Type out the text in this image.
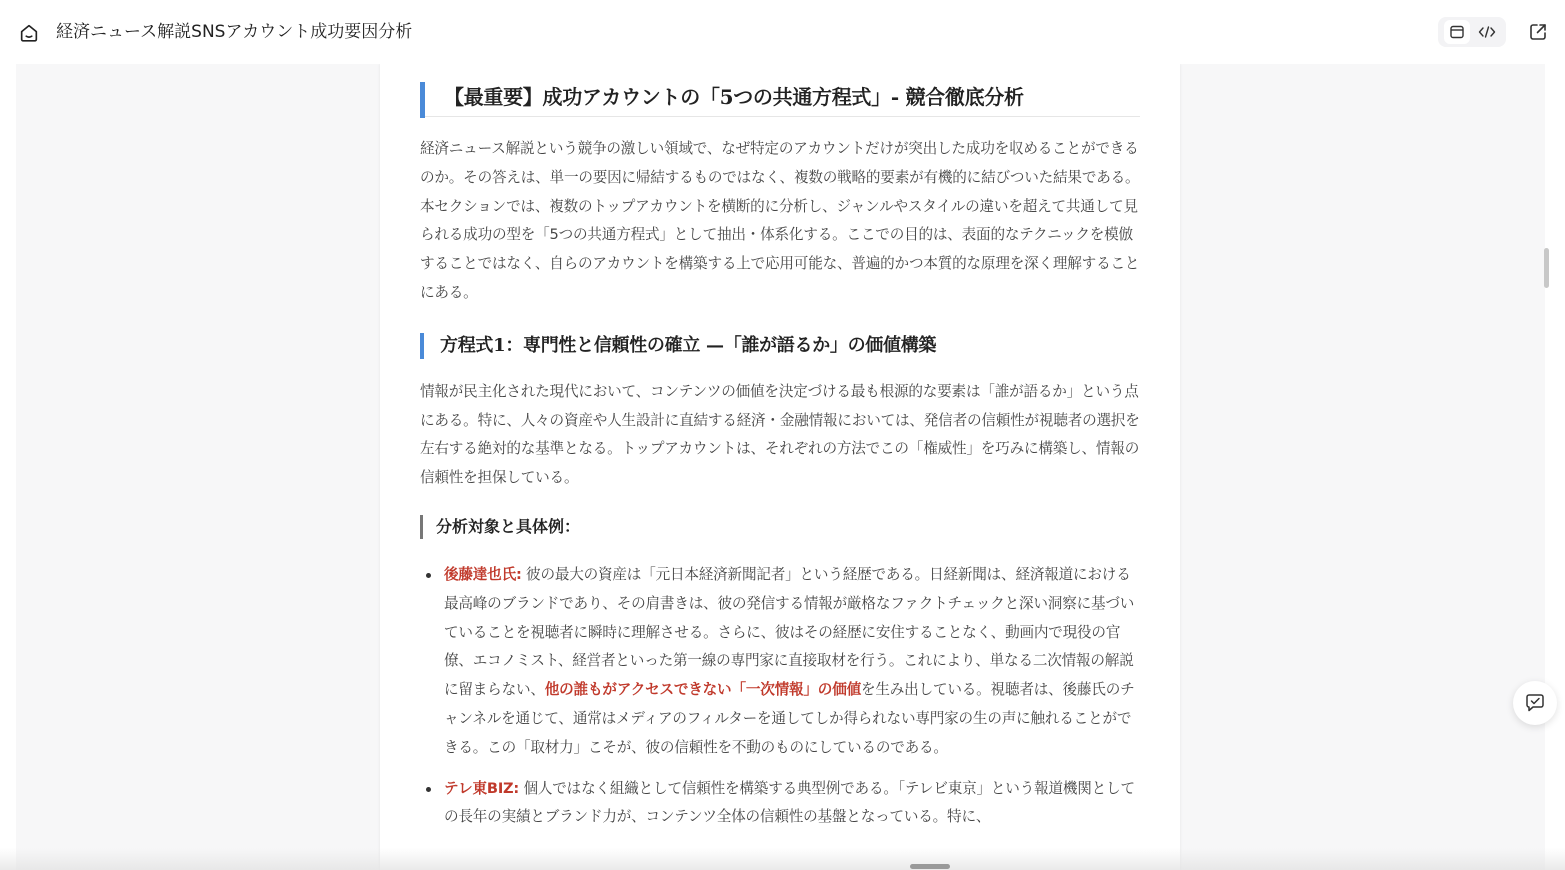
経済ニュース解説SNSアカウント成功要因分析
【最重要】成功アカウントの「5つの共通方程式」- 競合徹底分析

経済ニュース解説という競争の激しい領域で、なぜ特定のアカウントだけが突出した成功を収めることができるのか。その答えは、単一の要因に帰結するものではなく、複数の戦略的要素が有機的に結びついた結果である。本セクションでは、複数のトップアカウントを横断的に分析し、ジャンルやスタイルの違いを超えて共通して見られる成功の型を「5つの共通方程式」として抽出・体系化する。ここでの目的は、表面的なテクニックを模倣することではなく、自らのアカウントを構築する上で応用可能な、普遍的かつ本質的な原理を深く理解することにある。

方程式1：専門性と信頼性の確立 —「誰が語るか」の価値構築

情報が民主化された現代において、コンテンツの価値を決定づける最も根源的な要素は「誰が語るか」という点にある。特に、人々の資産や人生設計に直結する経済・金融情報においては、発信者の信頼性が視聴者の選択を左右する絶対的な基準となる。トップアカウントは、それぞれの方法でこの「権威性」を巧みに構築し、情報の信頼性を担保している。

分析対象と具体例：
後藤達也氏: 彼の最大の資産は「元日本経済新聞記者」という経歴である。日経新聞は、経済報道における最高峰のブランドであり、その肩書きは、彼の発信する情報が厳格なファクトチェックと深い洞察に基づいていることを視聴者に瞬時に理解させる。さらに、彼はその経歴に安住することなく、動画内で現役の官僚、エコノミスト、経営者といった第一線の専門家に直接取材を行う。これにより、単なる二次情報の解説に留まらない、他の誰もがアクセスできない「一次情報」の価値を生み出している。視聴者は、後藤氏のチャンネルを通じて、通常はメディアのフィルターを通してしか得られない専門家の生の声に触れることができる。この「取材力」こそが、彼の信頼性を不動のものにしているのである。
テレ東BIZ: 個人ではなく組織として信頼性を構築する典型例である。「テレビ東京」という報道機関としての長年の実績とブランド力が、コンテンツ全体の信頼性の基盤となっている。特に、
